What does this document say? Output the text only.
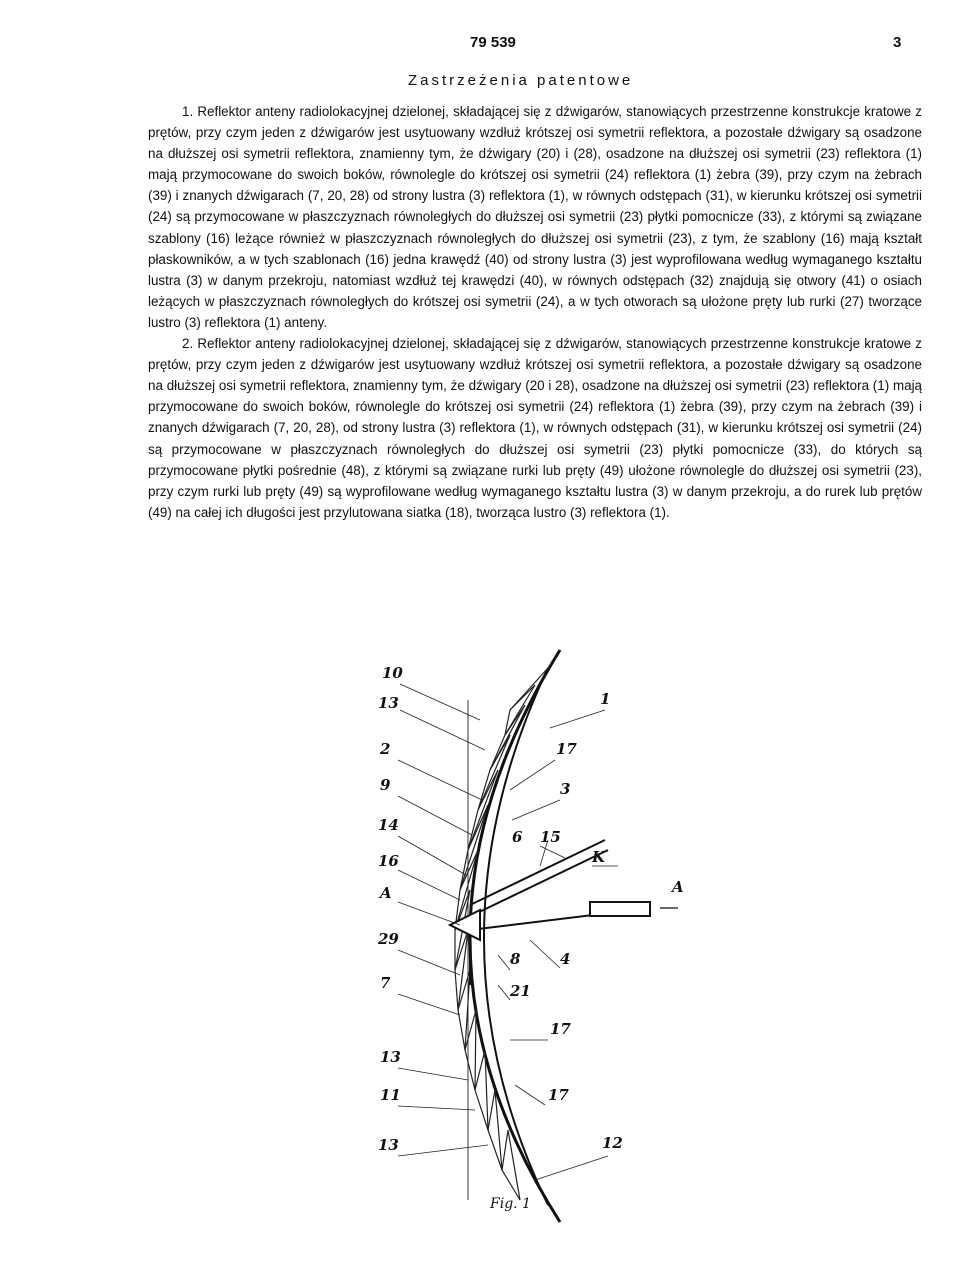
79 539	3
Zastrzeżenia patentowe

1. Reflektor anteny radiolokacyjnej dzielonej, składającej się z dźwigarów, stanowiących przestrzenne konstrukcje kratowe z prętów, przy czym jeden z dźwigarów jest usytuowany wzdłuż krótszej osi symetrii reflektora, a pozostałe dźwigary są osadzone na dłuższej osi symetrii reflektora, znamienny tym, że dźwigary (20) i (28), osadzone na dłuższej osi symetrii (23) reflektora (1) mają przymocowane do swoich boków, równolegle do krótszej osi symetrii (24) reflektora (1) żebra (39), przy czym na żebrach (39) i znanych dźwigarach (7, 20, 28) od strony lustra (3) reflektora (1), w równych odstępach (31), w kierunku krótszej osi symetrii (24) są przymocowane w płaszczyznach równoległych do dłuższej osi symetrii (23) płytki pomocnicze (33), z którymi są związane szablony (16) leżące również w płaszczyznach równoległych do dłuższej osi symetrii (23), z tym, że szablony (16) mają kształt płaskowników, a w tych szablonach (16) jedna krawędź (40) od strony lustra (3) jest wyprofilowana według wymaganego kształtu lustra (3) w danym przekroju, natomiast wzdłuż tej krawędzi (40), w równych odstępach (32) znajdują się otwory (41) o osiach leżących w płaszczyznach równoległych do krótszej osi symetrii (24), a w tych otworach są ułożone pręty lub rurki (27) tworzące lustro (3) reflektora (1) anteny.

2. Reflektor anteny radiolokacyjnej dzielonej, składającej się z dźwigarów, stanowiących przestrzenne konstrukcje kratowe z prętów, przy czym jeden z dźwigarów jest usytuowany wzdłuż krótszej osi symetrii reflektora, a pozostałe dźwigary są osadzone na dłuższej osi symetrii reflektora, znamienny tym, że dźwigary (20 i 28), osadzone na dłuższej osi symetrii (23) reflektora (1) mają przymocowane do swoich boków, równolegle do krótszej osi symetrii (24) reflektora (1) żebra (39), przy czym na żebrach (39) i znanych dźwigarach (7, 20, 28), od strony lustra (3) reflektora (1), w równych odstępach (31), w kierunku krótszej osi symetrii (24) są przymocowane w płaszczyznach równoległych do dłuższej osi symetrii (23) płytki pomocnicze (33), do których są przymocowane płytki pośrednie (48), z którymi są związane rurki lub pręty (49) ułożone równolegle do dłuższej osi symetrii (23), przy czym rurki lub pręty (49) są wyprofilowane według wymaganego kształtu lustra (3) w danym przekroju, a do rurek lub prętów (49) na całej ich długości jest przylutowana siatka (18), tworząca lustro (3) reflektora (1).

10
13
2
9
14
16
A
29
7
13
11
13
1
17
3
6 15
K
A
8	4
21
17
17
12
Fig. 1
